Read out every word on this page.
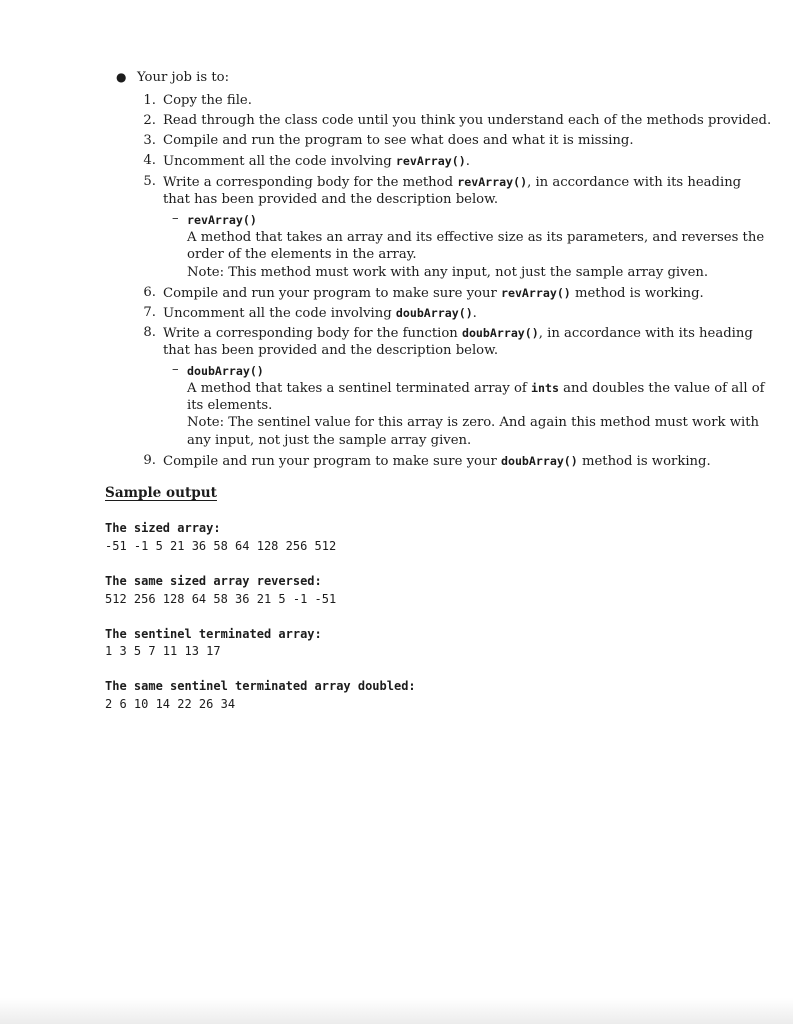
● Your job is to:
1. Copy the file.
2. Read through the class code until you think you understand each of the methods provided.
3. Compile and run the program to see what does and what it is missing.
4. Uncomment all the code involving revArray().
5. Write a corresponding body for the method revArray(), in accordance with its heading
that has been provided and the description below.
– revArray()
A method that takes an array and its effective size as its parameters, and reverses the
order of the elements in the array.
Note: This method must work with any input, not just the sample array given.
6. Compile and run your program to make sure your revArray() method is working.
7. Uncomment all the code involving doubArray().
8. Write a corresponding body for the function doubArray(), in accordance with its heading
that has been provided and the description below.
– doubArray()
A method that takes a sentinel terminated array of ints and doubles the value of all of
its elements.
Note: The sentinel value for this array is zero. And again this method must work with
any input, not just the sample array given.
9. Compile and run your program to make sure your doubArray() method is working.
Sample output
The sized array:
-51 -1 5 21 36 58 64 128 256 512
The same sized array reversed:
512 256 128 64 58 36 21 5 -1 -51
The sentinel terminated array:
1 3 5 7 11 13 17
The same sentinel terminated array doubled:
2 6 10 14 22 26 34
